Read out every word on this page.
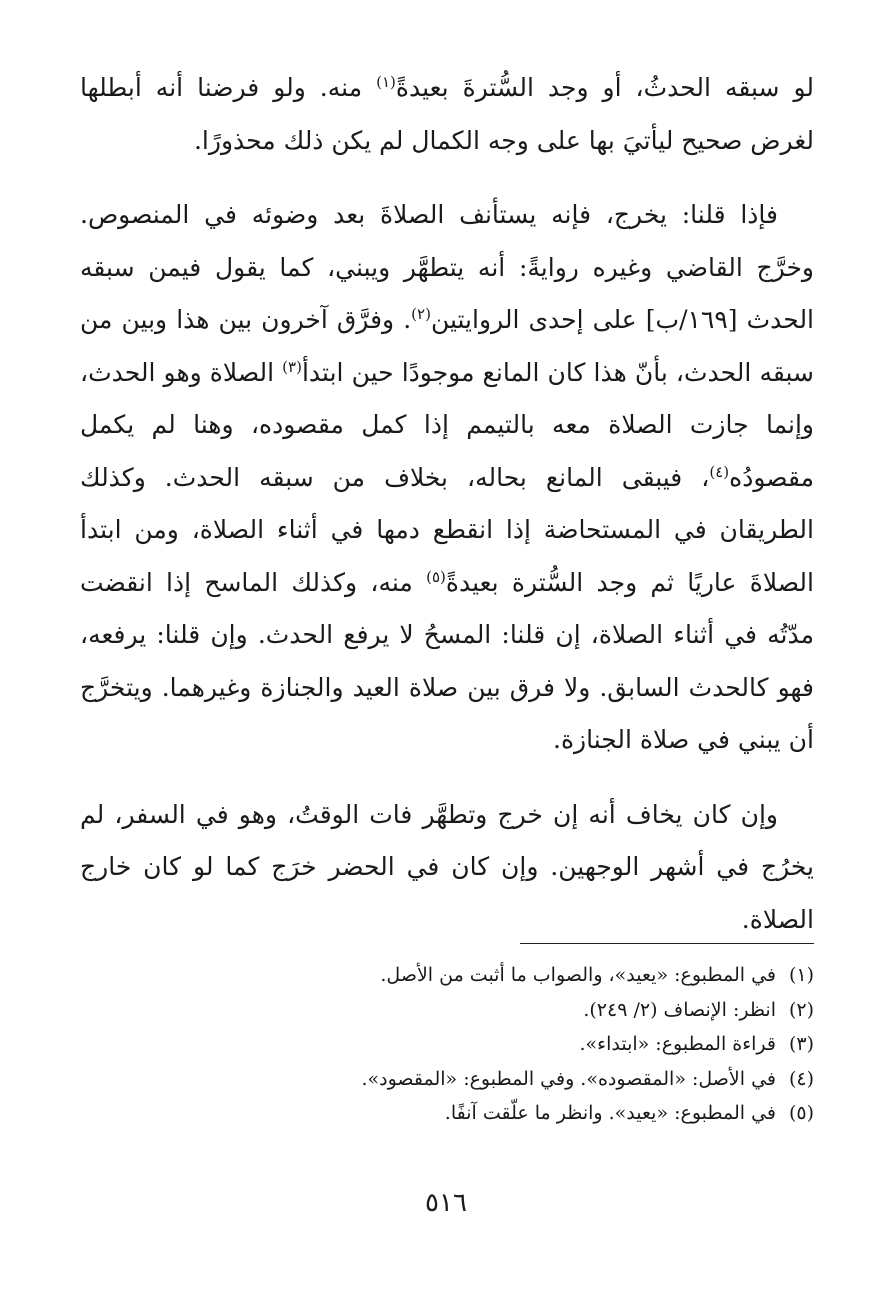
لو سبقه الحدثُ، أو وجد السُّترةَ بعيدةً$^{(١)}$ منه. ولو فرضنا أنه أبطلها لغرض صحيح ليأتيَ بها على وجه الكمال لم يكن ذلك محذورًا.

فإذا قلنا: يخرج، فإنه يستأنف الصلاةَ بعد وضوئه في المنصوص. وخرَّج القاضي وغيره روايةً: أنه يتطهَّر ويبني، كما يقول فيمن سبقه الحدث [١٦٩/ب] على إحدى الروايتين$^{(٢)}$. وفرَّق آخرون بين هذا وبين من سبقه الحدث، بأنّ هذا كان المانع موجودًا حين ابتدأ$^{(٣)}$ الصلاة وهو الحدث، وإنما جازت الصلاة معه بالتيمم إذا كمل مقصوده، وهنا لم يكمل مقصودُه$^{(٤)}$، فيبقى المانع بحاله، بخلاف من سبقه الحدث. وكذلك الطريقان في المستحاضة إذا انقطع دمها في أثناء الصلاة، ومن ابتدأ الصلاةَ عاريًا ثم وجد السُّترة بعيدةً$^{(٥)}$ منه، وكذلك الماسح إذا انقضت مدّتُه في أثناء الصلاة، إن قلنا: المسحُ لا يرفع الحدث. وإن قلنا: يرفعه، فهو كالحدث السابق. ولا فرق بين صلاة العيد والجنازة وغيرهما. ويتخرَّج أن يبني في صلاة الجنازة.

وإن كان يخاف أنه إن خرج وتطهَّر فات الوقتُ، وهو في السفر، لم يخرُج في أشهر الوجهين. وإن كان في الحضر خرَج كما لو كان خارج الصلاة.

(١)
في المطبوع: «يعيد»، والصواب ما أثبت من الأصل.
(٢)
انظر: الإنصاف (٢/ ٢٤٩).
(٣)
قراءة المطبوع: «ابتداء».
(٤)
في الأصل: «المقصوده». وفي المطبوع: «المقصود».
(٥)
في المطبوع: «يعيد». وانظر ما علّقت آنفًا.
٥١٦
